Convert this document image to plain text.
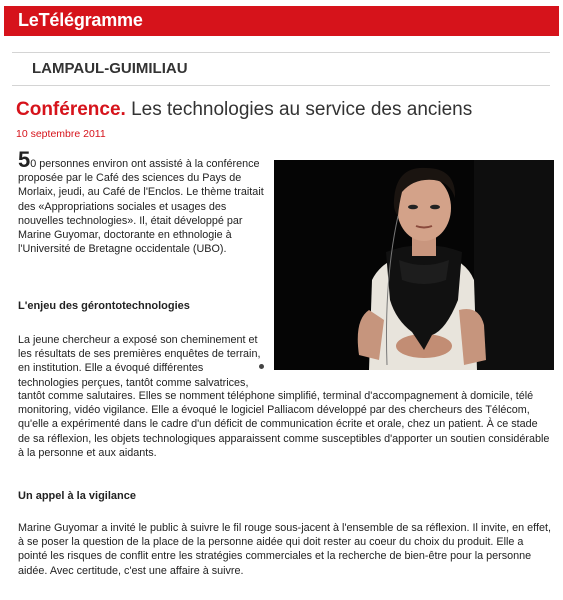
LeTélégramme
LAMPAUL-GUIMILIAU
Conférence. Les technologies au service des anciens
10 septembre 2011
50 personnes environ ont assisté à la conférence proposée par le Café des sciences du Pays de Morlaix, jeudi, au Café de l'Enclos. Le thème traitait des «Appropriations sociales et usages des nouvelles technologies». Il, était développé par Marine Guyomar, doctorante en ethnologie à l'Université de Bretagne occidentale (UBO).
L'enjeu des gérontotechnologies
La jeune chercheur a exposé son cheminement et les résultats de ses premières enquêtes de terrain, en institution. Elle a évoqué différentes technologies perçues, tantôt comme salvatrices,
tantôt comme salutaires. Elles se nomment téléphone simplifié, terminal d'accompagnement à domicile, télé monitoring, vidéo vigilance. Elle a évoqué le logiciel Palliacom développé par des chercheurs des Télécom, qu'elle a expérimenté dans le cadre d'un déficit de communication écrite et orale, chez un patient. À ce stade de sa réflexion, les objets technologiques apparaissent comme susceptibles d'apporter un soutien considérable à la personne et aux aidants.
Un appel à la vigilance
Marine Guyomar a invité le public à suivre le fil rouge sous-jacent à l'ensemble de sa réflexion. Il invite, en effet, à se poser la question de la place de la personne aidée qui doit rester au coeur du choix du produit. Elle a pointé les risques de conflit entre les stratégies commerciales et la recherche de bien-être pour la personne aidée. Avec certitude, c'est une affaire à suivre.
